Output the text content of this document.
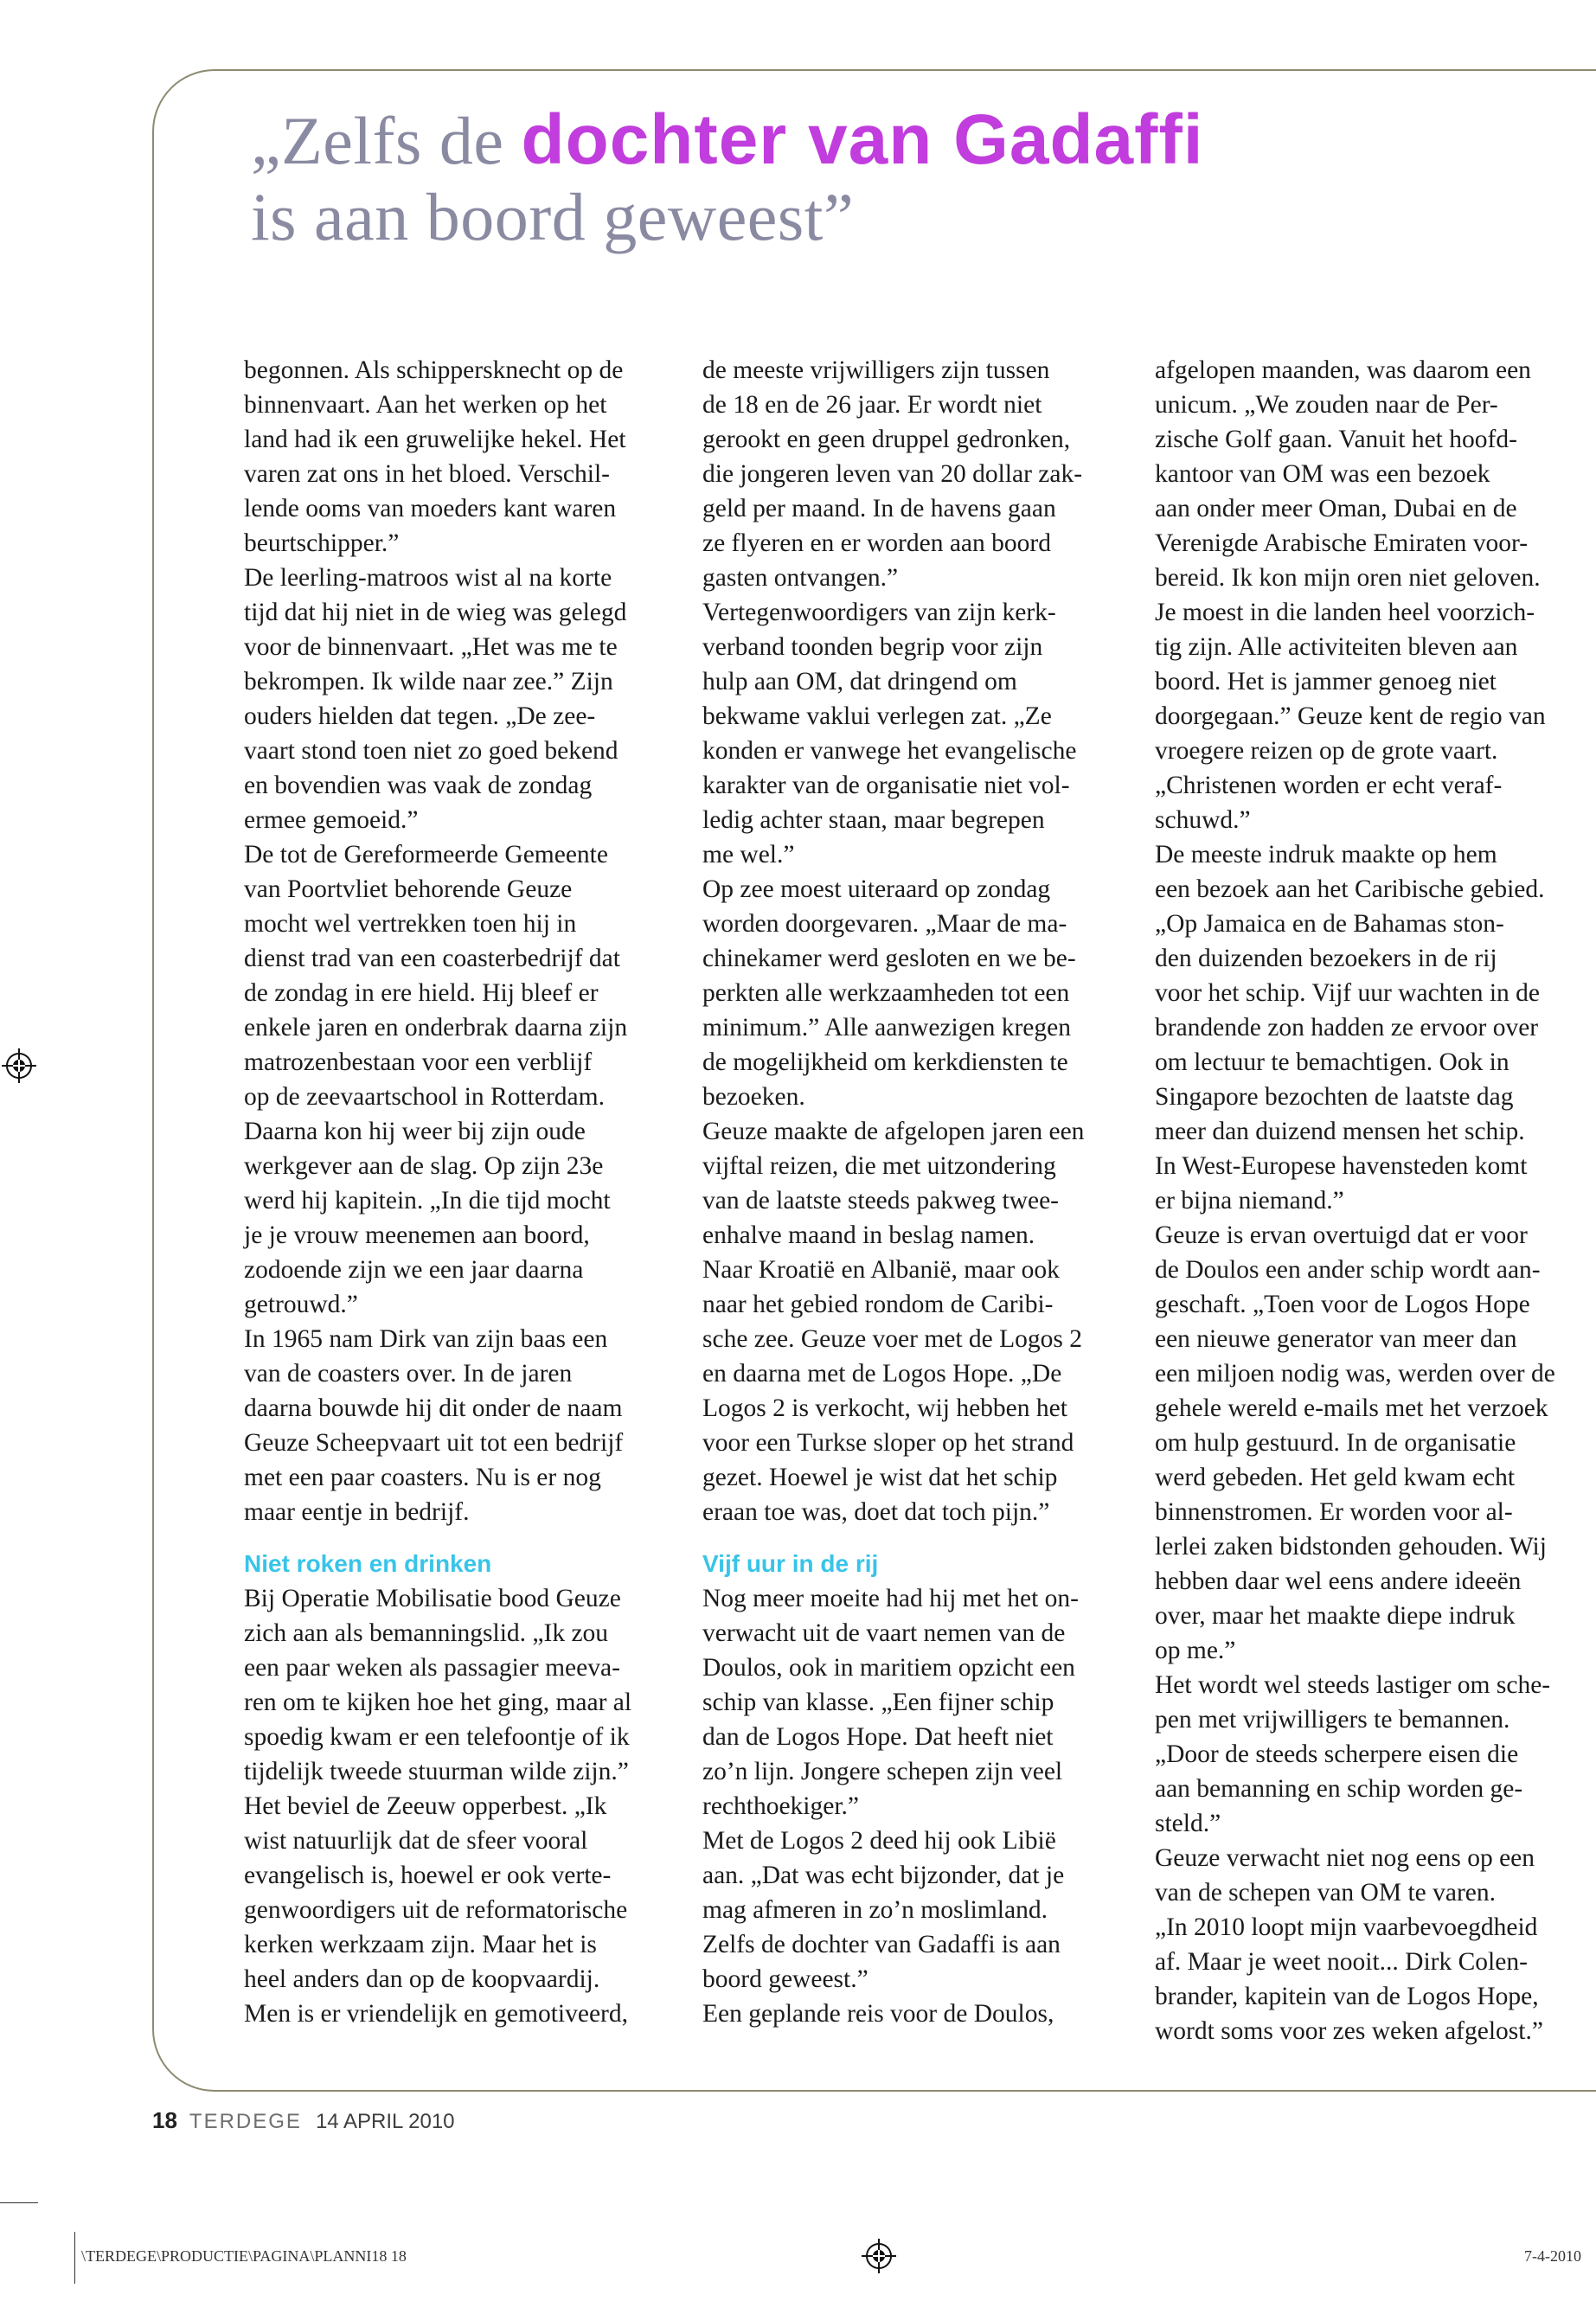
„Zelfs de dochter van Gadaffi
is aan boord geweest”
begonnen. Als schippersknecht op de
binnenvaart. Aan het werken op het
land had ik een gruwelijke hekel. Het
varen zat ons in het bloed. Verschil-
lende ooms van moeders kant waren
beurtschipper.”
De leerling-matroos wist al na korte
tijd dat hij niet in de wieg was gelegd
voor de binnenvaart. „Het was me te
bekrompen. Ik wilde naar zee.” Zijn
ouders hielden dat tegen. „De zee-
vaart stond toen niet zo goed bekend
en bovendien was vaak de zondag
ermee gemoeid.”
De tot de Gereformeerde Gemeente
van Poortvliet behorende Geuze
mocht wel vertrekken toen hij in
dienst trad van een coasterbedrijf dat
de zondag in ere hield. Hij bleef er
enkele jaren en onderbrak daarna zijn
matrozenbestaan voor een verblijf
op de zeevaartschool in Rotterdam.
Daarna kon hij weer bij zijn oude
werkgever aan de slag. Op zijn 23e
werd hij kapitein. „In die tijd mocht
je je vrouw meenemen aan boord,
zodoende zijn we een jaar daarna
getrouwd.”
In 1965 nam Dirk van zijn baas een
van de coasters over. In de jaren
daarna bouwde hij dit onder de naam
Geuze Scheepvaart uit tot een bedrijf
met een paar coasters. Nu is er nog
maar eentje in bedrijf.
Niet roken en drinken
Bij Operatie Mobilisatie bood Geuze
zich aan als bemanningslid. „Ik zou
een paar weken als passagier meeva-
ren om te kijken hoe het ging, maar al
spoedig kwam er een telefoontje of ik
tijdelijk tweede stuurman wilde zijn.”
Het beviel de Zeeuw opperbest. „Ik
wist natuurlijk dat de sfeer vooral
evangelisch is, hoewel er ook verte-
genwoordigers uit de reformatorische
kerken werkzaam zijn. Maar het is
heel anders dan op de koopvaardij.
Men is er vriendelijk en gemotiveerd,
de meeste vrijwilligers zijn tussen
de 18 en de 26 jaar. Er wordt niet
gerookt en geen druppel gedronken,
die jongeren leven van 20 dollar zak-
geld per maand. In de havens gaan
ze flyeren en er worden aan boord
gasten ontvangen.”
Vertegenwoordigers van zijn kerk-
verband toonden begrip voor zijn
hulp aan OM, dat dringend om
bekwame vaklui verlegen zat. „Ze
konden er vanwege het evangelische
karakter van de organisatie niet vol-
ledig achter staan, maar begrepen
me wel.”
Op zee moest uiteraard op zondag
worden doorgevaren. „Maar de ma-
chinekamer werd gesloten en we be-
perkten alle werkzaamheden tot een
minimum.” Alle aanwezigen kregen
de mogelijkheid om kerkdiensten te
bezoeken.
Geuze maakte de afgelopen jaren een
vijftal reizen, die met uitzondering
van de laatste steeds pakweg twee-
enhalve maand in beslag namen.
Naar Kroatië en Albanië, maar ook
naar het gebied rondom de Caribi-
sche zee. Geuze voer met de Logos 2
en daarna met de Logos Hope. „De
Logos 2 is verkocht, wij hebben het
voor een Turkse sloper op het strand
gezet. Hoewel je wist dat het schip
eraan toe was, doet dat toch pijn.”
Vijf uur in de rij
Nog meer moeite had hij met het on-
verwacht uit de vaart nemen van de
Doulos, ook in maritiem opzicht een
schip van klasse. „Een fijner schip
dan de Logos Hope. Dat heeft niet
zo’n lijn. Jongere schepen zijn veel
rechthoekiger.”
Met de Logos 2 deed hij ook Libië
aan. „Dat was echt bijzonder, dat je
mag afmeren in zo’n moslimland.
Zelfs de dochter van Gadaffi is aan
boord geweest.”
Een geplande reis voor de Doulos,
afgelopen maanden, was daarom een
unicum. „We zouden naar de Per-
zische Golf gaan. Vanuit het hoofd-
kantoor van OM was een bezoek
aan onder meer Oman, Dubai en de
Verenigde Arabische Emiraten voor-
bereid. Ik kon mijn oren niet geloven.
Je moest in die landen heel voorzich-
tig zijn. Alle activiteiten bleven aan
boord. Het is jammer genoeg niet
doorgegaan.” Geuze kent de regio van
vroegere reizen op de grote vaart.
„Christenen worden er echt veraf-
schuwd.”
De meeste indruk maakte op hem
een bezoek aan het Caribische gebied.
„Op Jamaica en de Bahamas ston-
den duizenden bezoekers in de rij
voor het schip. Vijf uur wachten in de
brandende zon hadden ze ervoor over
om lectuur te bemachtigen. Ook in
Singapore bezochten de laatste dag
meer dan duizend mensen het schip.
In West-Europese havensteden komt
er bijna niemand.”
Geuze is ervan overtuigd dat er voor
de Doulos een ander schip wordt aan-
geschaft. „Toen voor de Logos Hope
een nieuwe generator van meer dan
een miljoen nodig was, werden over de
gehele wereld e-mails met het verzoek
om hulp gestuurd. In de organisatie
werd gebeden. Het geld kwam echt
binnenstromen. Er worden voor al-
lerlei zaken bidstonden gehouden. Wij
hebben daar wel eens andere ideeën
over, maar het maakte diepe indruk
op me.”
Het wordt wel steeds lastiger om sche-
pen met vrijwilligers te bemannen.
„Door de steeds scherpere eisen die
aan bemanning en schip worden ge-
steld.”
Geuze verwacht niet nog eens op een
van de schepen van OM te varen.
„In 2010 loopt mijn vaarbevoegdheid
af. Maar je weet nooit... Dirk Colen-
brander, kapitein van de Logos Hope,
wordt soms voor zes weken afgelost.”
18 TERDEGE 14 APRIL 2010
\TERDEGE\PRODUCTIE\PAGINA\PLANNI18 18	7-4-2010
